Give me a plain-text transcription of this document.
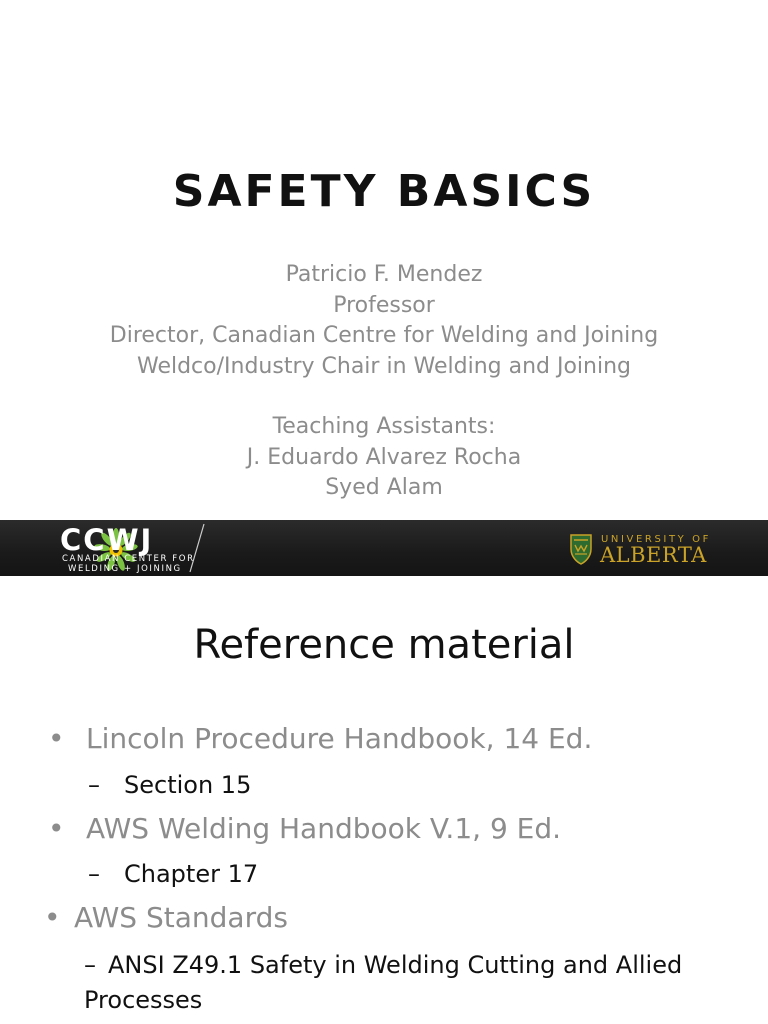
SAFETY BASICS
Patricio F. Mendez
Professor
Director, Canadian Centre for Welding and Joining
Weldco/Industry Chair in Welding and Joining
Teaching Assistants:
J. Eduardo Alvarez Rocha
Syed Alam
CCWJ
CANADIAN CENTER FOR
WELDING + JOINING
UNIVERSITY OF
ALBERTA
Reference material
• Lincoln Procedure Handbook, 14 Ed.
– Section 15
• AWS Welding Handbook V.1, 9 Ed.
– Chapter 17
• AWS Standards
– ANSI Z49.1 Safety in Welding Cutting and Allied Processes
